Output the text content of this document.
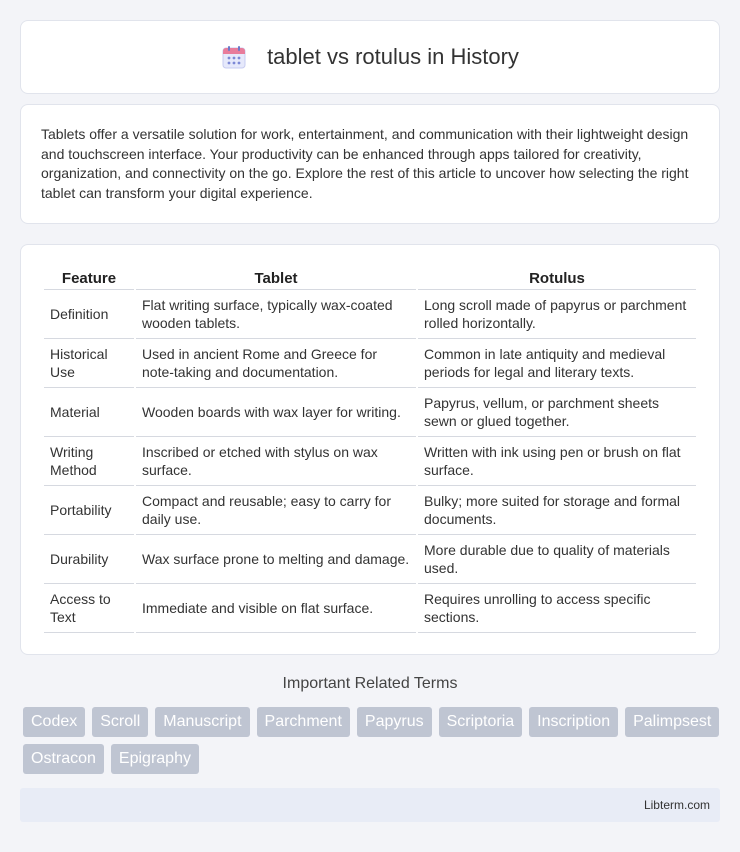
tablet vs rotulus in History

Tablets offer a versatile solution for work, entertainment, and communication with their lightweight design and touchscreen interface. Your productivity can be enhanced through apps tailored for creativity, organization, and connectivity on the go. Explore the rest of this article to uncover how selecting the right tablet can transform your digital experience.

Feature	Tablet	Rotulus
Definition	Flat writing surface, typically wax-coated wooden tablets.	Long scroll made of papyrus or parchment rolled horizontally.
Historical Use	Used in ancient Rome and Greece for note-taking and documentation.	Common in late antiquity and medieval periods for legal and literary texts.
Material	Wooden boards with wax layer for writing.	Papyrus, vellum, or parchment sheets sewn or glued together.
Writing Method	Inscribed or etched with stylus on wax surface.	Written with ink using pen or brush on flat surface.
Portability	Compact and reusable; easy to carry for daily use.	Bulky; more suited for storage and formal documents.
Durability	Wax surface prone to melting and damage.	More durable due to quality of materials used.
Access to Text	Immediate and visible on flat surface.	Requires unrolling to access specific sections.
Important Related Terms
Codex	Scroll	Manuscript	Parchment	Papyrus	Scriptoria	Inscription	Palimpsest
Ostracon	Epigraphy
Libterm.com
